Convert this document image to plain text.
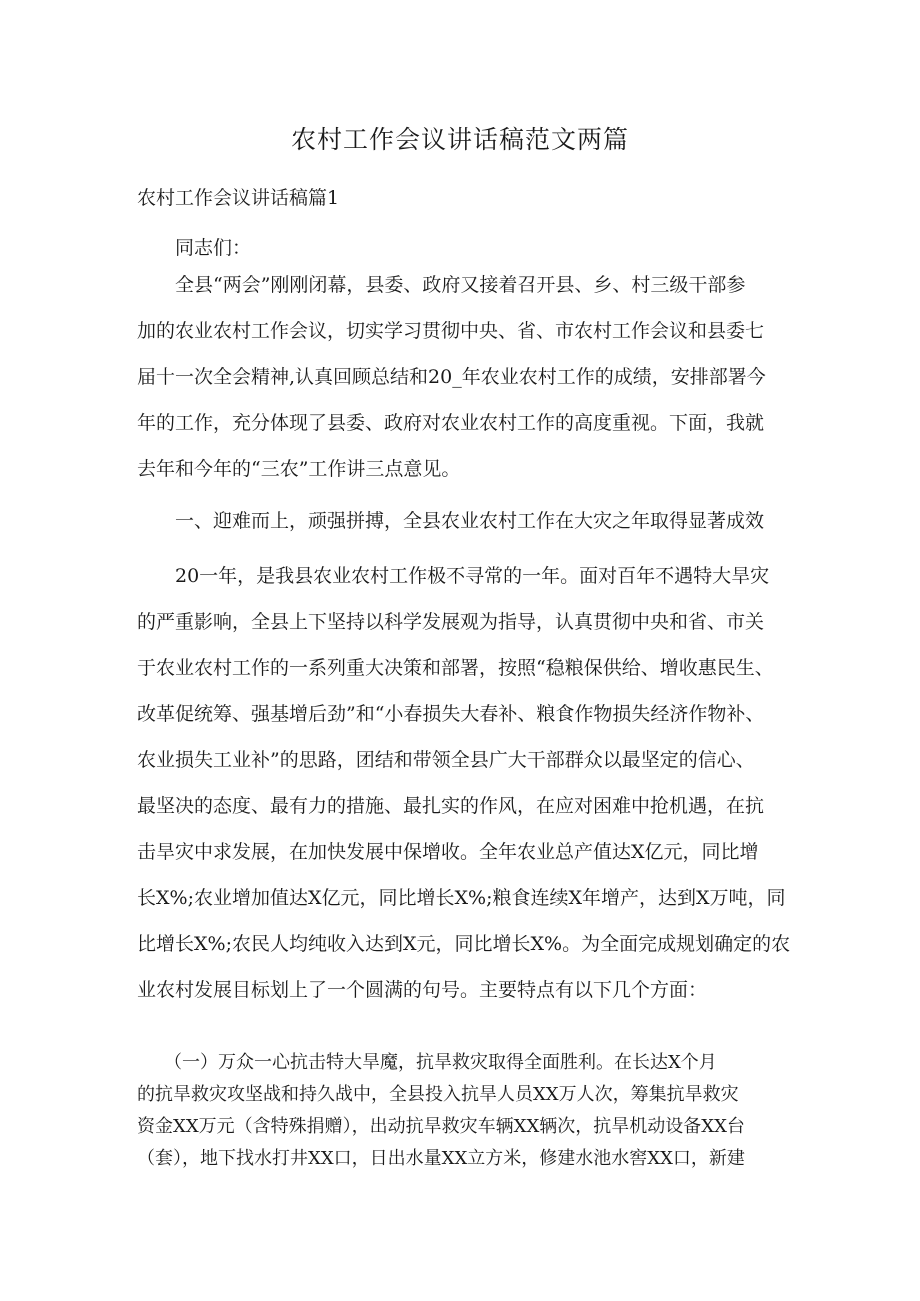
农村工作会议讲话稿范文两篇
农村工作会议讲话稿篇1
　　同志们：
　　全县“两会”刚刚闭幕，县委、政府又接着召开县、乡、村三级干部参
加的农业农村工作会议，切实学习贯彻中央、省、市农村工作会议和县委七
届十一次全会精神,认真回顾总结和20_年农业农村工作的成绩，安排部署今
年的工作，充分体现了县委、政府对农业农村工作的高度重视。下面，我就
去年和今年的“三农”工作讲三点意见。
　　一、迎难而上，顽强拼搏，全县农业农村工作在大灾之年取得显著成效
　　20一年，是我县农业农村工作极不寻常的一年。面对百年不遇特大旱灾
的严重影响，全县上下坚持以科学发展观为指导，认真贯彻中央和省、市关
于农业农村工作的一系列重大决策和部署，按照“稳粮保供给、增收惠民生、
改革促统筹、强基增后劲”和“小春损失大春补、粮食作物损失经济作物补、
农业损失工业补”的思路，团结和带领全县广大干部群众以最坚定的信心、
最坚决的态度、最有力的措施、最扎实的作风，在应对困难中抢机遇，在抗
击旱灾中求发展，在加快发展中保增收。全年农业总产值达X亿元，同比增
长X%;农业增加值达X亿元，同比增长X%;粮食连续X年增产，达到X万吨，同
比增长X%;农民人均纯收入达到X元，同比增长X%。为全面完成规划确定的农
业农村发展目标划上了一个圆满的句号。主要特点有以下几个方面：
　　（一）万众一心抗击特大旱魔，抗旱救灾取得全面胜利。在长达X个月
的抗旱救灾攻坚战和持久战中，全县投入抗旱人员XX万人次，筹集抗旱救灾
资金XX万元（含特殊捐赠），出动抗旱救灾车辆XX辆次，抗旱机动设备XX台
（套），地下找水打井XX口，日出水量XX立方米，修建水池水窖XX口，新建
